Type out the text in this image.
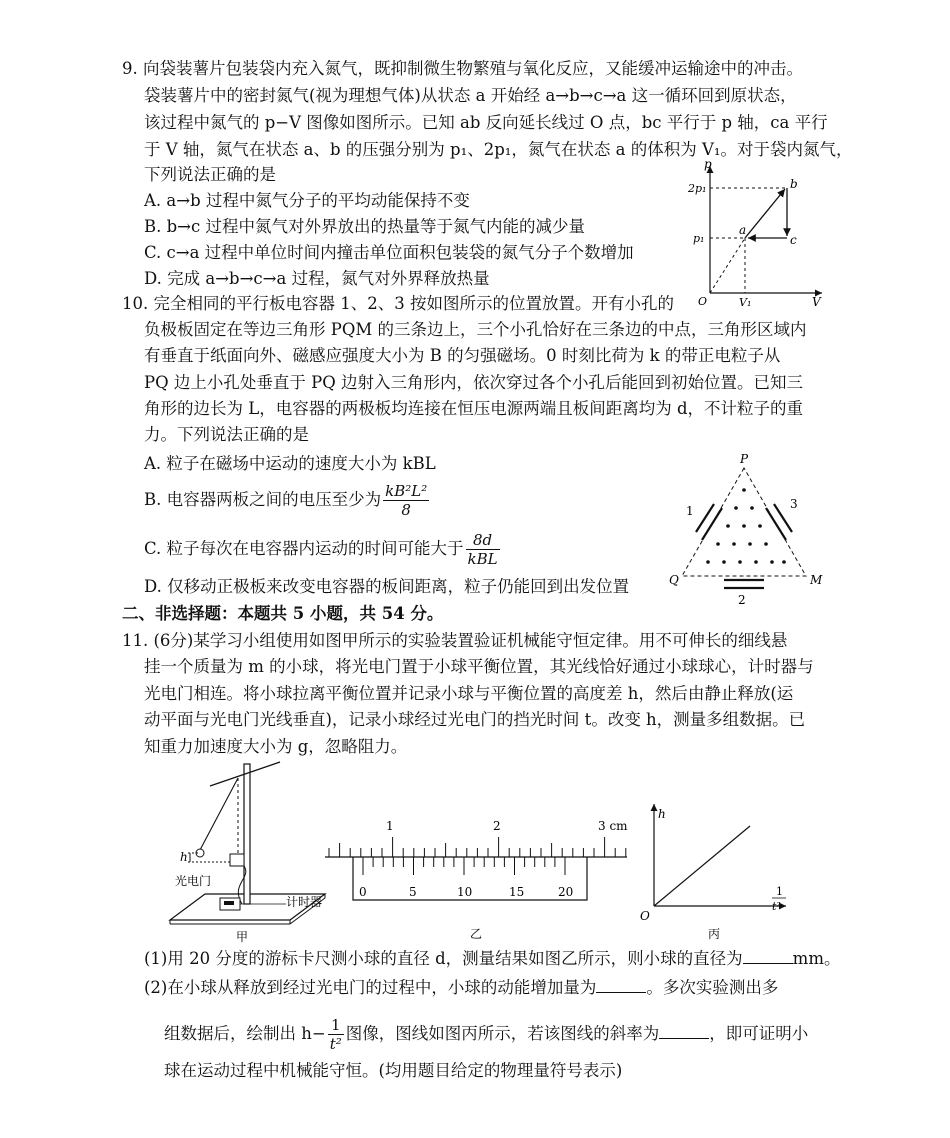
9. 向袋装薯片包装袋内充入氮气，既抑制微生物繁殖与氧化反应，又能缓冲运输途中的冲击。
袋装薯片中的密封氮气(视为理想气体)从状态 a 开始经 a→b→c→a 这一循环回到原状态，
该过程中氮气的 p−V 图像如图所示。已知 ab 反向延长线过 O 点，bc 平行于 p 轴，ca 平行
于 V 轴，氮气在状态 a、b 的压强分别为 p₁、2p₁，氮气在状态 a 的体积为 V₁。对于袋内氮气，
下列说法正确的是
A. a→b 过程中氮气分子的平均动能保持不变
B. b→c 过程中氮气对外界放出的热量等于氮气内能的减少量
C. c→a 过程中单位时间内撞击单位面积包装袋的氮气分子个数增加
D. 完成 a→b→c→a 过程，氮气对外界释放热量
p
2p₁
p₁
O	V₁	V
a
b
c
10. 完全相同的平行板电容器 1、2、3 按如图所示的位置放置。开有小孔的
负极板固定在等边三角形 PQM 的三条边上，三个小孔恰好在三条边的中点，三角形区域内
有垂直于纸面向外、磁感应强度大小为 B 的匀强磁场。0 时刻比荷为 k 的带正电粒子从
PQ 边上小孔处垂直于 PQ 边射入三角形内，依次穿过各个小孔后能回到初始位置。已知三
角形的边长为 L，电容器的两极板均连接在恒压电源两端且板间距离均为 d，不计粒子的重
力。下列说法正确的是
A. 粒子在磁场中运动的速度大小为 kBL
B. 电容器两板之间的电压至少为 $\frac{\text{kB²L²}}{8}$
C. 粒子每次在电容器内运动的时间可能大于 $\frac{8d}{\text{kBL}}$
D. 仅移动正极板来改变电容器的板间距离，粒子仍能回到出发位置
P
Q	M
1	3
2
二、非选择题：本题共 5 小题，共 54 分。
11. (6分)某学习小组使用如图甲所示的实验装置验证机械能守恒定律。用不可伸长的细线悬
挂一个质量为 m 的小球，将光电门置于小球平衡位置，其光线恰好通过小球球心，计时器与
光电门相连。将小球拉离平衡位置并记录小球与平衡位置的高度差 h，然后由静止释放(运
动平面与光电门光线垂直)，记录小球经过光电门的挡光时间 t。改变 h，测量多组数据。已
知重力加速度大小为 g，忽略阻力。
h
光电门
计时器
甲
1	2	3 cm
0	5	10	15	20
乙
h
O
1
t²
丙
(1)用 20 分度的游标卡尺测小球的直径 d，测量结果如图乙所示，则小球的直径为	mm。
(2)在小球从释放到经过光电门的过程中，小球的动能增加量为	。多次实验测出多
组数据后，绘制出 $h- \frac{1}{\text{t²}}$ 图像，图线如图丙所示，若该图线的斜率为	，即可证明小
球在运动过程中机械能守恒。(均用题目给定的物理量符号表示)
